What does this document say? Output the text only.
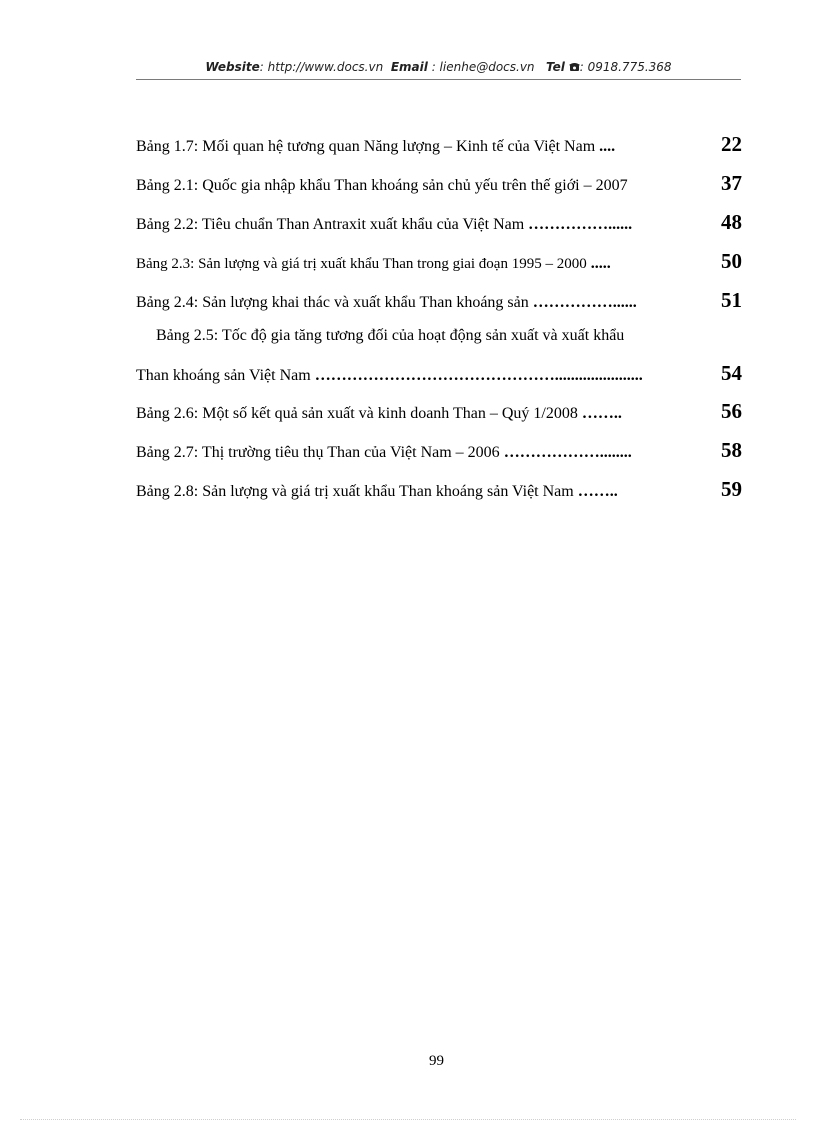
Website: http://www.docs.vn Email : lienhe@docs.vn Tel : 0918.775.368
Bảng 1.7: Mối quan hệ tương quan Năng lượng – Kinh tế của Việt Nam ....	22
Bảng 2.1: Quốc gia nhập khẩu Than khoáng sản chủ yếu trên thế giới – 2007	37
Bảng 2.2: Tiêu chuẩn Than Antraxit xuất khẩu của Việt Nam ……………......	48
Bảng 2.3: Sản lượng và giá trị xuất khẩu Than trong giai đoạn 1995 – 2000 .....	50
Bảng 2.4: Sản lượng khai thác và xuất khẩu Than khoáng sản ……………......	51
Bảng 2.5: Tốc độ gia tăng tương đối của hoạt động sản xuất và xuất khẩu
Than khoáng sản Việt Nam ………………………………………......................	54
Bảng 2.6: Một số kết quả sản xuất và kinh doanh Than – Quý 1/2008 ……..	56
Bảng 2.7: Thị trường tiêu thụ Than của Việt Nam – 2006 ………………........	58
Bảng 2.8: Sản lượng và giá trị xuất khẩu Than khoáng sản Việt Nam ……..	59
99
